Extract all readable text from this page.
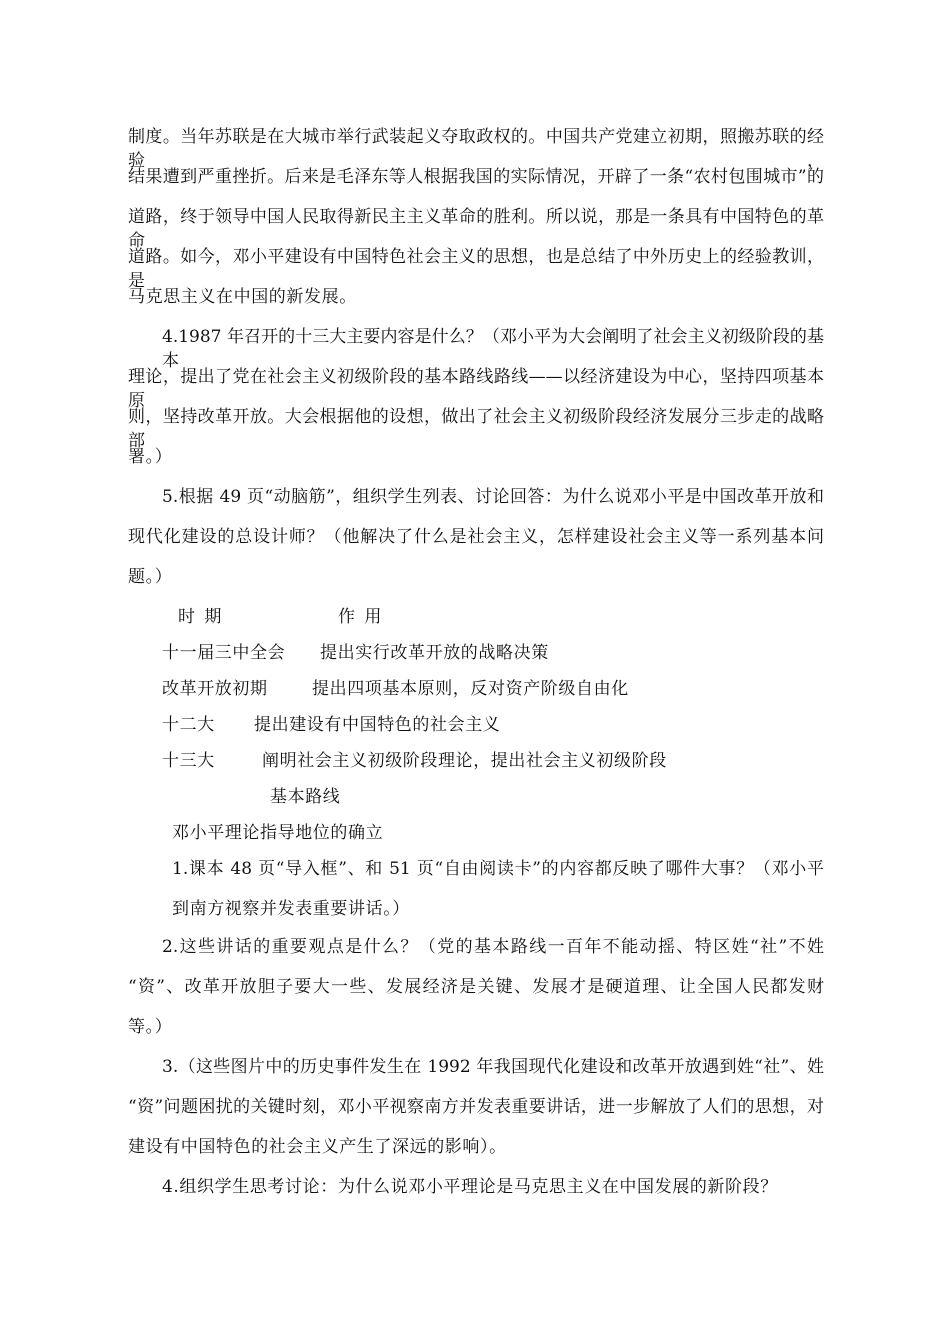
制度。当年苏联是在大城市举行武装起义夺取政权的。中国共产党建立初期，照搬苏联的经验，
结果遭到严重挫折。后来是毛泽东等人根据我国的实际情况，开辟了一条“农村包围城市”的
道路，终于领导中国人民取得新民主主义革命的胜利。所以说，那是一条具有中国特色的革命
道路。如今，邓小平建设有中国特色社会主义的思想，也是总结了中外历史上的经验教训，是
马克思主义在中国的新发展。
4.1987 年召开的十三大主要内容是什么？（邓小平为大会阐明了社会主义初级阶段的基本
理论，提出了党在社会主义初级阶段的基本路线路线——以经济建设为中心，坚持四项基本原
则，坚持改革开放。大会根据他的设想，做出了社会主义初级阶段经济发展分三步走的战略部
署。）
5.根据 49 页“动脑筋”，组织学生列表、讨论回答：为什么说邓小平是中国改革开放和
现代化建设的总设计师？（他解决了什么是社会主义，怎样建设社会主义等一系列基本问
题。）
时 期	作 用
十一届三中全会 提出实行改革开放的战略决策
改革开放初期	提出四项基本原则，反对资产阶级自由化
十二大 提出建设有中国特色的社会主义
十三大	阐明社会主义初级阶段理论，提出社会主义初级阶段
基本路线
邓小平理论指导地位的确立
1.课本 48 页“导入框”、和 51 页“自由阅读卡”的内容都反映了哪件大事？（邓小平
到南方视察并发表重要讲话。）
2.这些讲话的重要观点是什么？（党的基本路线一百年不能动摇、特区姓“社”不姓
“资”、改革开放胆子要大一些、发展经济是关键、发展才是硬道理、让全国人民都发财
等。）
3.（这些图片中的历史事件发生在 1992 年我国现代化建设和改革开放遇到姓“社”、姓
“资”问题困扰的关键时刻，邓小平视察南方并发表重要讲话，进一步解放了人们的思想，对
建设有中国特色的社会主义产生了深远的影响）。
4.组织学生思考讨论：为什么说邓小平理论是马克思主义在中国发展的新阶段？
